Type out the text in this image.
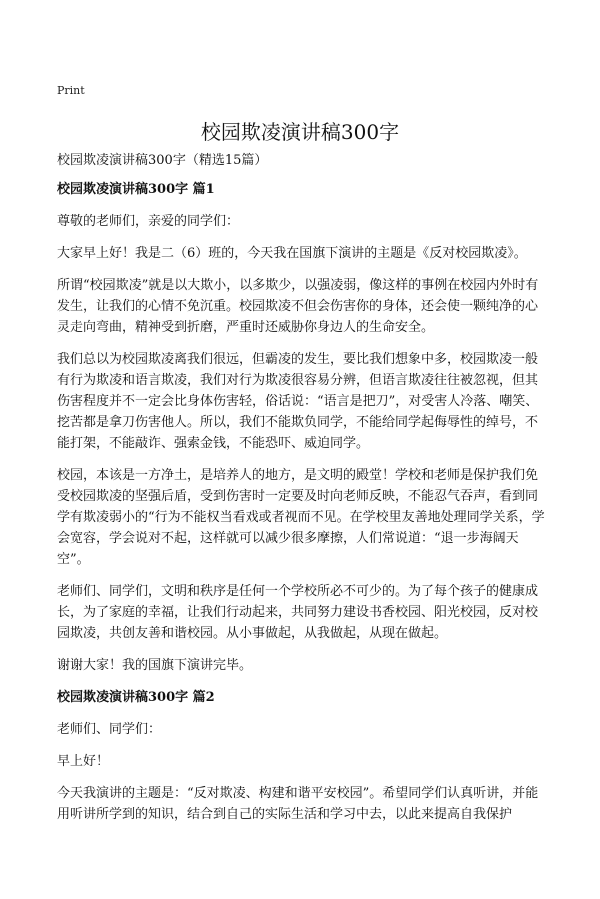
Print
校园欺凌演讲稿300字

校园欺凌演讲稿300字（精选15篇）

校园欺凌演讲稿300字 篇1

尊敬的老师们，亲爱的同学们：

大家早上好！我是二（6）班的，今天我在国旗下演讲的主题是《反对校园欺凌》。

所谓“校园欺凌”就是以大欺小，以多欺少，以强凌弱，像这样的事例在校园内外时有发生，让我们的心情不免沉重。校园欺凌不但会伤害你的身体，还会使一颗纯净的心灵走向弯曲，精神受到折磨，严重时还威胁你身边人的生命安全。

我们总以为校园欺凌离我们很远，但霸凌的发生，要比我们想象中多，校园欺凌一般有行为欺凌和语言欺凌，我们对行为欺凌很容易分辨，但语言欺凌往往被忽视，但其伤害程度并不一定会比身体伤害轻，俗话说：“语言是把刀”，对受害人冷落、嘲笑、挖苦都是拿刀伤害他人。所以，我们不能欺负同学，不能给同学起侮辱性的绰号，不能打架，不能敲诈、强索金钱，不能恐吓、威迫同学。

校园，本该是一方净土，是培养人的地方，是文明的殿堂！学校和老师是保护我们免受校园欺凌的坚强后盾，受到伤害时一定要及时向老师反映，不能忍气吞声，看到同学有欺凌弱小的“行为不能权当看戏或者视而不见。在学校里友善地处理同学关系，学会宽容，学会说对不起，这样就可以减少很多摩擦，人们常说道：“退一步海阔天空”。

老师们、同学们，文明和秩序是任何一个学校所必不可少的。为了每个孩子的健康成长，为了家庭的幸福，让我们行动起来，共同努力建设书香校园、阳光校园，反对校园欺凌，共创友善和谐校园。从小事做起，从我做起，从现在做起。

谢谢大家！我的国旗下演讲完毕。

校园欺凌演讲稿300字 篇2

老师们、同学们：

早上好！

今天我演讲的主题是：“反对欺凌、构建和谐平安校园”。希望同学们认真听讲，并能用听讲所学到的知识，结合到自己的实际生活和学习中去，以此来提高自我保护
